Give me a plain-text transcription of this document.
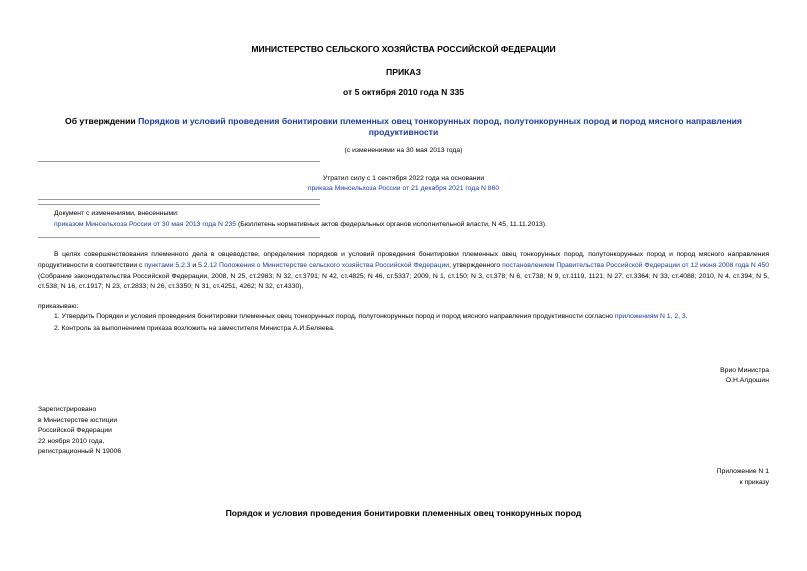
МИНИСТЕРСТВО СЕЛЬСКОГО ХОЗЯЙСТВА РОССИЙСКОЙ ФЕДЕРАЦИИ
ПРИКАЗ
от 5 октября 2010 года N 335
Об утверждении Порядков и условий проведения бонитировки племенных овец тонкорунных пород, полутонкорунных пород и пород мясного направления продуктивности
(с изменениями на 30 мая 2013 года)
Утратил силу с 1 сентября 2022 года на основании
приказа Минсельхоза России от 21 декабря 2021 года N 860
Документ с изменениями, внесенными:
приказом Минсельхоза России от 30 мая 2013 года N 235 (Бюллетень нормативных актов федеральных органов исполнительной власти, N 45, 11.11.2013).
В целях совершенствования племенного дела в овцеводстве, определения порядков и условий проведения бонитировки племенных овец тонкорунных пород, полутонкорунных пород и пород мясного направления продуктивности в соответствии с пунктами 5.2.3 и 5.2.12 Положения о Министерстве сельского хозяйства Российской Федерации, утвержденного постановлением Правительства Российской Федерации от 12 июня 2008 года N 450 (Собрание законодательства Российской Федерации, 2008, N 25, ст.2983; N 32, ст.3791; N 42, ст.4825; N 46, ст.5337; 2009, N 1, ст.150; N 3, ст.378; N 6, ст.738; N 9, ст.1119, 1121; N 27, ст.3364; N 33, ст.4088; 2010, N 4, ст.394; N 5, ст.538; N 16, ст.1917; N 23, ст.2833; N 26, ст.3350; N 31, ст.4251, 4262; N 32, ст.4330),
приказываю:
1. Утвердить Порядки и условия проведения бонитировки племенных овец тонкорунных пород, полутонкорунных пород и пород мясного направления продуктивности согласно приложениям N 1, 2, 3.
2. Контроль за выполнением приказа возложить на заместителя Министра А.И.Беляева.
Врио Министра
О.Н.Алдошин
Зарегистрировано
в Министерстве юстиции
Российской Федерации
22 ноября 2010 года,
регистрационный N 19006
Приложение N 1
к приказу
Порядок и условия проведения бонитировки племенных овец тонкорунных пород
